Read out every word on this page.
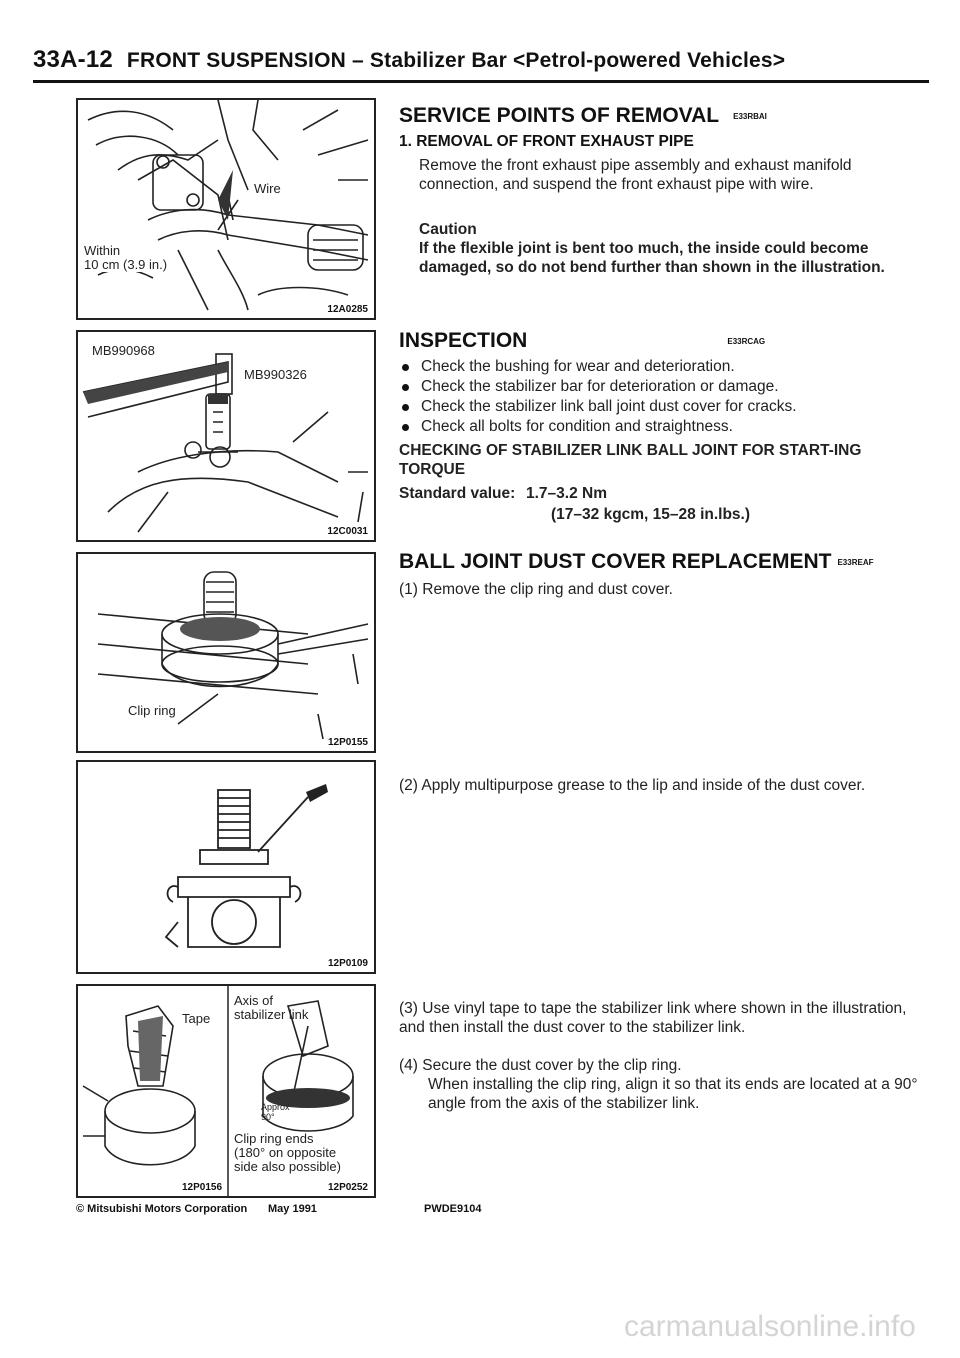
33A-12 FRONT SUSPENSION – Stabilizer Bar <Petrol-powered Vehicles>
Wire
Within
10 cm (3.9 in.)
12A0285
MB990968
MB990326
12C0031
Clip ring
12P0155
12P0109
Tape
Axis of
stabilizer link
Approx
90°
Clip ring ends
(180° on opposite
side also possible)
12P0156	12P0252
SERVICE POINTS OF REMOVAL E33RBAI
1. REMOVAL OF FRONT EXHAUST PIPE
Remove the front exhaust pipe assembly and exhaust manifold connection, and suspend the front exhaust pipe with wire.
Caution
If the flexible joint is bent too much, the inside could become damaged, so do not bend further than shown in the illustration.
INSPECTION	E33RCAG
Check the bushing for wear and deterioration.
Check the stabilizer bar for deterioration or damage.
Check the stabilizer link ball joint dust cover for cracks.
Check all bolts for condition and straightness.
CHECKING OF STABILIZER LINK BALL JOINT FOR START-ING TORQUE
Standard value: 1.7–3.2 Nm
(17–32 kgcm, 15–28 in.lbs.)
BALL JOINT DUST COVER REPLACEMENT E33REAF
(1) Remove the clip ring and dust cover.
(2) Apply multipurpose grease to the lip and inside of the dust cover.
(3) Use vinyl tape to tape the stabilizer link where shown in the illustration, and then install the dust cover to the stabilizer link.
(4) Secure the dust cover by the clip ring.
When installing the clip ring, align it so that its ends are located at a 90° angle from the axis of the stabilizer link.
© Mitsubishi Motors Corporation May 1991	PWDE9104
carmanualsonline.info
